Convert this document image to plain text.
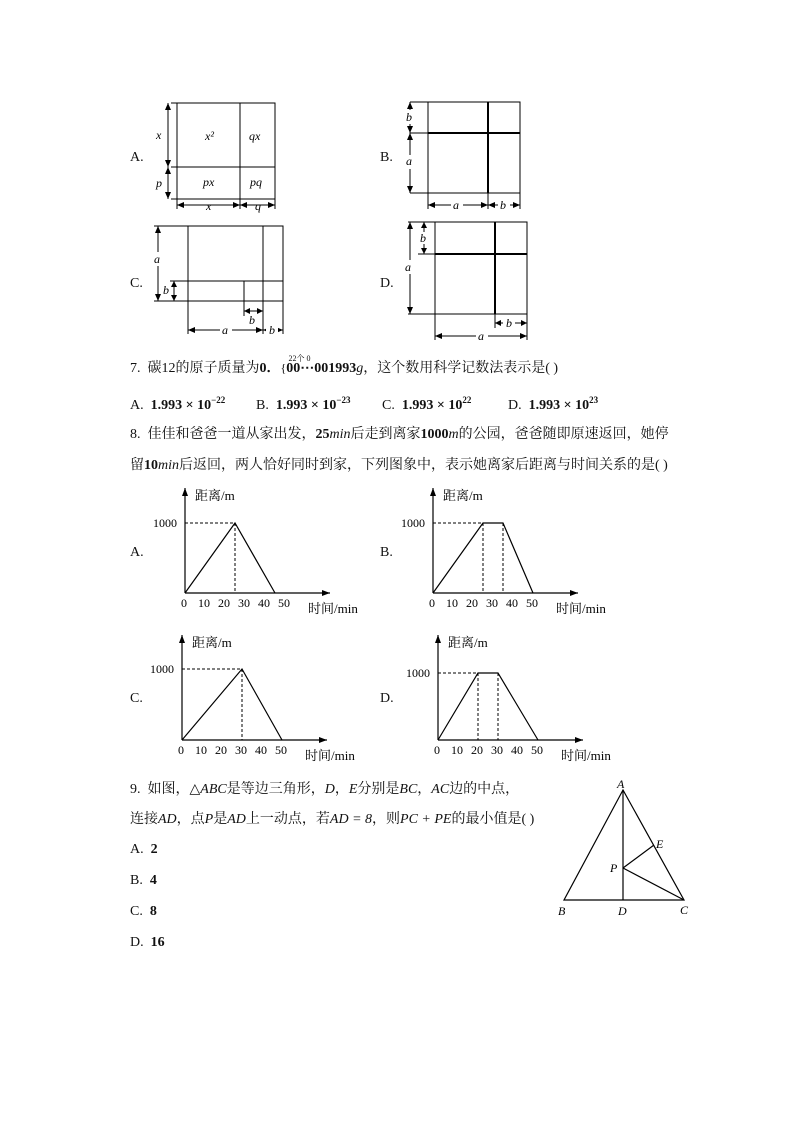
A.
x²	qx
px	pq
x
p
x	q
B.
b
a
a	b
C.
a
b
a
b
b
D.
b
a
a
b
7. 碳12的原子质量为0．
22个 0
{00⋯001993g，这个数用科学记数法表示是( )
A. $1.993 \times 10^{-22}$ B. $1.993 \times 10^{-23}$ C. $1.993 \times 10^{22}$	D. $1.993 \times 10^{23}$
8. 佳佳和爸爸一道从家出发，25min后走到离家1000m的公园，爸爸随即原速返回，她停
留10min后返回，两人恰好同时到家，下列图象中，表示她离家后距离与时间关系的是( )
A.	B.
C.	D.
距离/m
时间/min
0 10 20 30 40 50
1000
距离/m
时间/min
0 10 20 30 40 50
1000
距离/m
时间/min
0 10 20 30 40 50
1000
距离/m
时间/min
0 10 20 30 40 50
1000
9. 如图，△ABC是等边三角形，D，E分别是BC，AC边的中点，
连接AD，点P是AD上一动点，若AD = 8，则PC + PE的最小值是( )
A. 2
B. 4
C. 8
D. 16
A
B	C
D
E
P
